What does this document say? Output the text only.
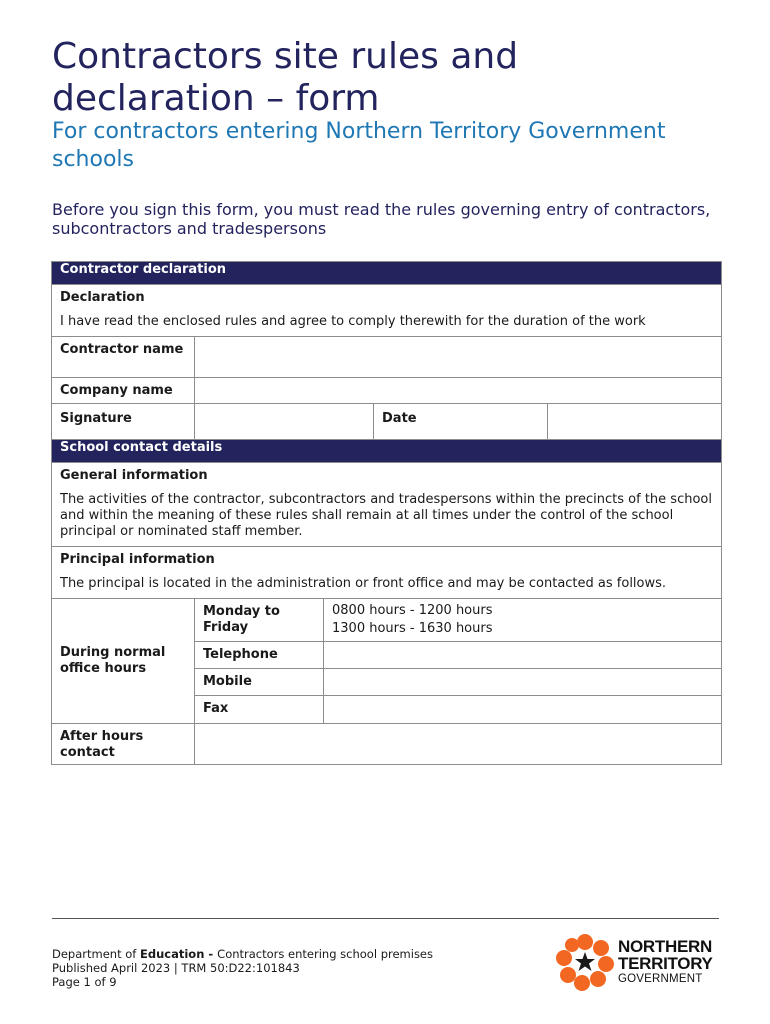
Contractors site rules and declaration – form
For contractors entering Northern Territory Government schools

Before you sign this form, you must read the rules governing entry of contractors, subcontractors and tradespersons

Contractor declaration				

Declaration
I have read the enclosed rules and agree to comply therewith for the duration of the work				

Contractor name				
Company name				
Signature			Date	
School contact details				

General information
The activities of the contractor, subcontractors and tradespersons within the precincts of the school and within the meaning of these rules shall remain at all times under the control of the school principal or nominated staff member.				

Principal information
The principal is located in the administration or front office and may be contacted as follows.				

During normal office hours	Monday to Friday	0800 hours - 1200 hours
1300 hours - 1630 hours		

	Telephone			
	Mobile			
	Fax			
After hours contact				
Department of Education - Contractors entering school premises
Published April 2023 | TRM 50:D22:101843
Page 1 of 9
NORTHERN
TERRITORY
GOVERNMENT
